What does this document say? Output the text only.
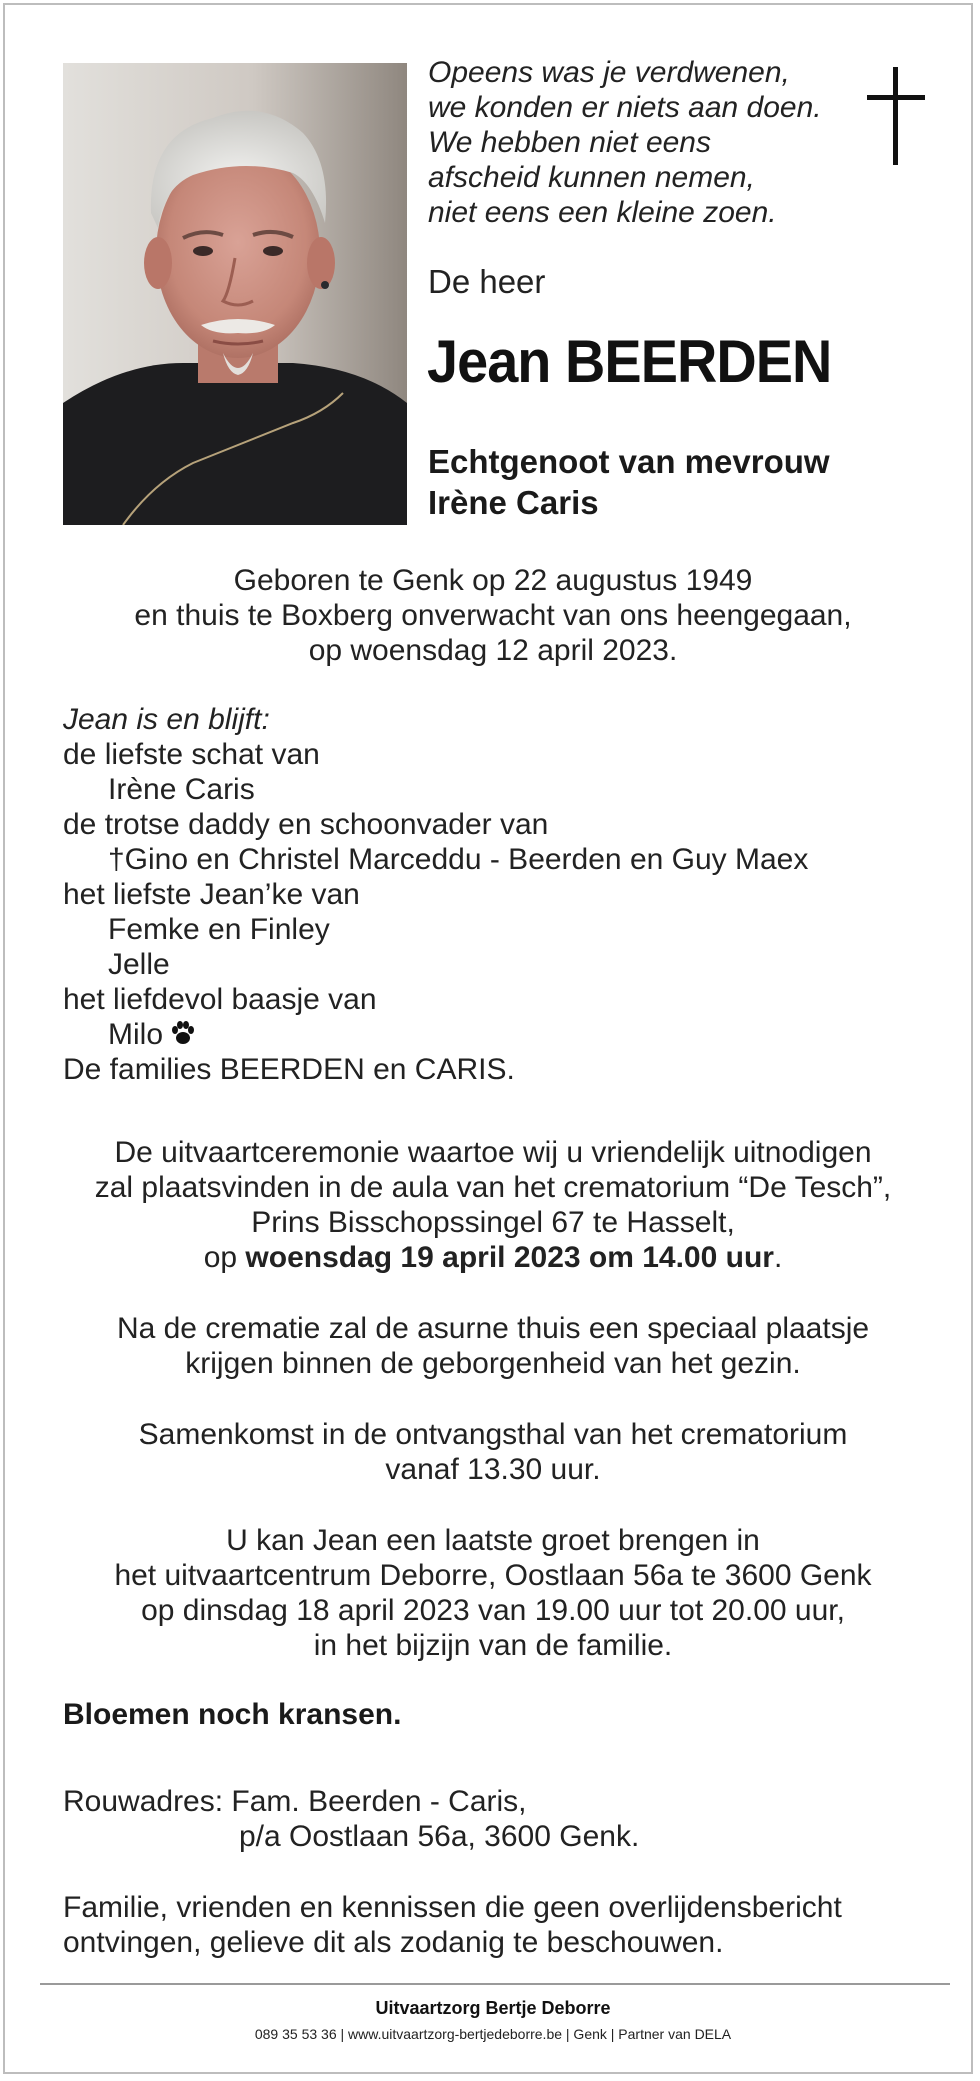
Opeens was je verdwenen,
we konden er niets aan doen.
We hebben niet eens
afscheid kunnen nemen,
niet eens een kleine zoen.
De heer
Jean BEERDEN
Echtgenoot van mevrouw
Irène Caris
Geboren te Genk op 22 augustus 1949
en thuis te Boxberg onverwacht van ons heengegaan,
op woensdag 12 april 2023.
Jean is en blijft:
de liefste schat van
Irène Caris
de trotse daddy en schoonvader van
†Gino en Christel Marceddu - Beerden en Guy Maex
het liefste Jean’ke van
Femke en Finley
Jelle
het liefdevol baasje van
Milo
De families BEERDEN en CARIS.
De uitvaartceremonie waartoe wij u vriendelijk uitnodigen
zal plaatsvinden in de aula van het crematorium “De Tesch”,
Prins Bisschopssingel 67 te Hasselt,
op woensdag 19 april 2023 om 14.00 uur.
Na de crematie zal de asurne thuis een speciaal plaatsje
krijgen binnen de geborgenheid van het gezin.
Samenkomst in de ontvangsthal van het crematorium
vanaf 13.30 uur.
U kan Jean een laatste groet brengen in
het uitvaartcentrum Deborre, Oostlaan 56a te 3600 Genk
op dinsdag 18 april 2023 van 19.00 uur tot 20.00 uur,
in het bijzijn van de familie.
Bloemen noch kransen.
Rouwadres: Fam. Beerden - Caris,
p/a Oostlaan 56a, 3600 Genk.
Familie, vrienden en kennissen die geen overlijdensbericht
ontvingen, gelieve dit als zodanig te beschouwen.
Uitvaartzorg Bertje Deborre
089 35 53 36 | www.uitvaartzorg-bertjedeborre.be | Genk | Partner van DELA
